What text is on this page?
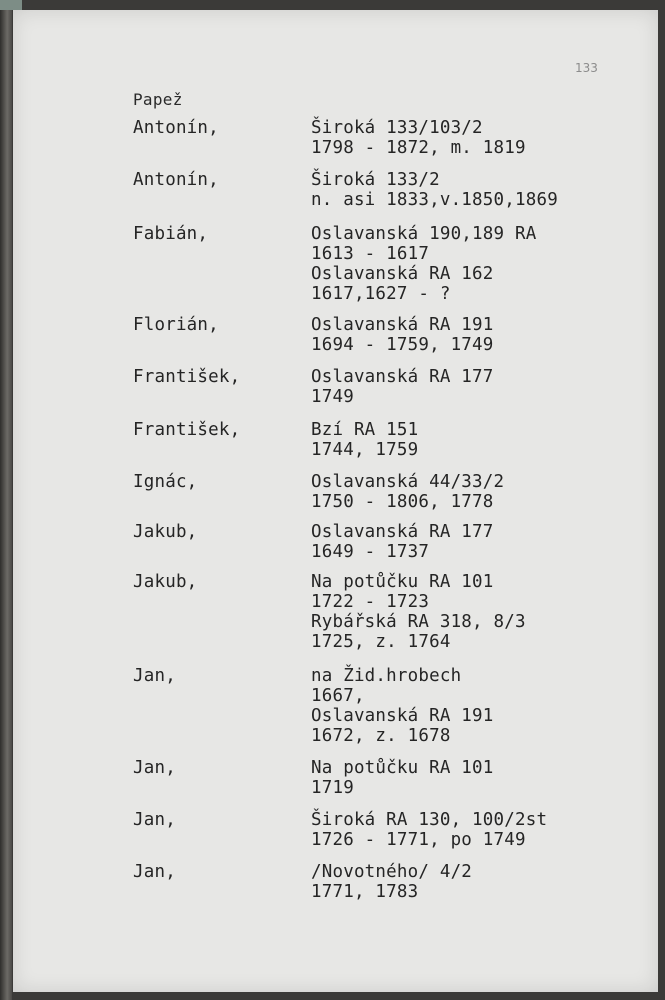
133
Papež
Antonín,	Široká 133/103/2
1798 - 1872, m. 1819
Antonín,	Široká 133/2
n. asi 1833,v.1850,1869
Fabián,	Oslavanská 190,189 RA
1613 - 1617
Oslavanská RA 162
1617,1627 - ?
Florián,	Oslavanská RA 191
1694 - 1759, 1749
František,	Oslavanská RA 177
1749
František,	Bzí RA 151
1744, 1759
Ignác,	Oslavanská 44/33/2
1750 - 1806, 1778
Jakub,	Oslavanská RA 177
1649 - 1737
Jakub,	Na potůčku RA 101
1722 - 1723
Rybářská RA 318, 8/3
1725, z. 1764
Jan,	na Žid.hrobech
1667,
Oslavanská RA 191
1672, z. 1678
Jan,	Na potůčku RA 101
1719
Jan,	Široká RA 130, 100/2st
1726 - 1771, po 1749
Jan,	/Novotného/ 4/2
1771, 1783
